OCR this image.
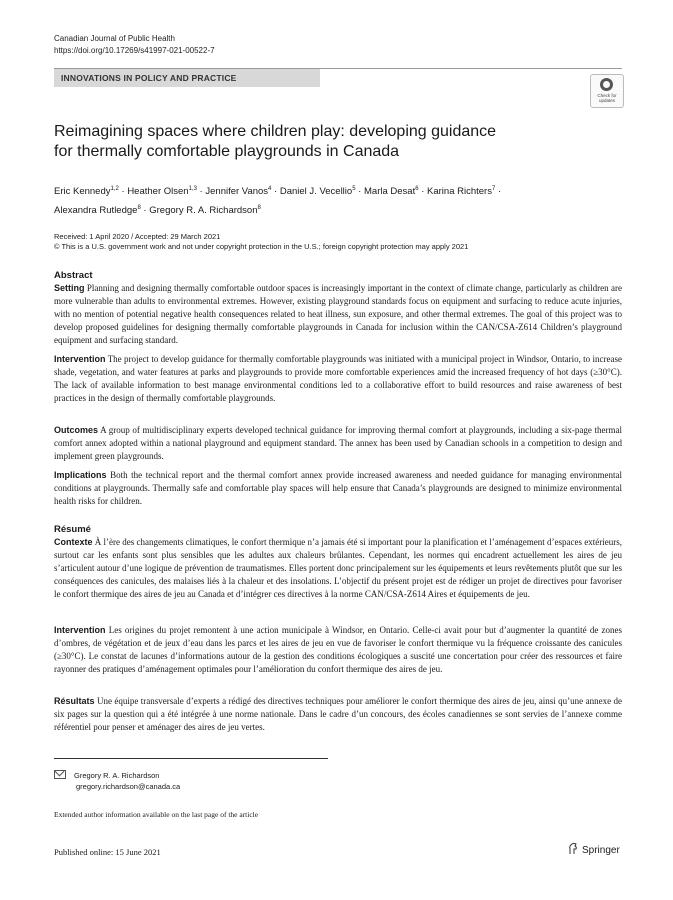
Canadian Journal of Public Health
https://doi.org/10.17269/s41997-021-00522-7
INNOVATIONS IN POLICY AND PRACTICE
Check for
updates
Reimagining spaces where children play: developing guidance
for thermally comfortable playgrounds in Canada
Eric Kennedy$^{1,2}$ · Heather Olsen$^{1,3}$ · Jennifer Vanos$^4$ · Daniel J. Vecellio$^5$ · Marla Desat$^6$ · Karina Richters$^7$ ·
Alexandra Rutledge$^8$ · Gregory R. A. Richardson$^8$
Received: 1 April 2020 / Accepted: 29 March 2021
© This is a U.S. government work and not under copyright protection in the U.S.; foreign copyright protection may apply 2021
Abstract

Setting Planning and designing thermally comfortable outdoor spaces is increasingly important in the context of climate change, particularly as children are more vulnerable than adults to environmental extremes. However, existing playground standards focus on equipment and surfacing to reduce acute injuries, with no mention of potential negative health consequences related to heat illness, sun exposure, and other thermal extremes. The goal of this project was to develop proposed guidelines for designing thermally comfortable playgrounds in Canada for inclusion within the CAN/CSA-Z614 Children’s playground equipment and surfacing standard.

Intervention The project to develop guidance for thermally comfortable playgrounds was initiated with a municipal project in Windsor, Ontario, to increase shade, vegetation, and water features at parks and playgrounds to provide more comfortable experiences amid the increased frequency of hot days (≥30°C). The lack of available information to best manage environmental conditions led to a collaborative effort to build resources and raise awareness of best practices in the design of thermally comfortable playgrounds.

Outcomes A group of multidisciplinary experts developed technical guidance for improving thermal comfort at playgrounds, including a six-page thermal comfort annex adopted within a national playground and equipment standard. The annex has been used by Canadian schools in a competition to design and implement green playgrounds.

Implications Both the technical report and the thermal comfort annex provide increased awareness and needed guidance for managing environmental conditions at playgrounds. Thermally safe and comfortable play spaces will help ensure that Canada’s playgrounds are designed to minimize environmental health risks for children.

Résumé

Contexte À l’ère des changements climatiques, le confort thermique n’a jamais été si important pour la planification et l’aménagement d’espaces extérieurs, surtout car les enfants sont plus sensibles que les adultes aux chaleurs brûlantes. Cependant, les normes qui encadrent actuellement les aires de jeu s’articulent autour d’une logique de prévention de traumatismes. Elles portent donc principalement sur les équipements et leurs revêtements plutôt que sur les conséquences des canicules, des malaises liés à la chaleur et des insolations. L’objectif du présent projet est de rédiger un projet de directives pour favoriser le confort thermique des aires de jeu au Canada et d’intégrer ces directives à la norme CAN/CSA-Z614 Aires et équipements de jeu.

Intervention Les origines du projet remontent à une action municipale à Windsor, en Ontario. Celle-ci avait pour but d’augmenter la quantité de zones d’ombres, de végétation et de jeux d’eau dans les parcs et les aires de jeu en vue de favoriser le confort thermique vu la fréquence croissante des canicules (≥30°C). Le constat de lacunes d’informations autour de la gestion des conditions écologiques a suscité une concertation pour créer des ressources et faire rayonner des pratiques d’aménagement optimales pour l’amélioration du confort thermique des aires de jeu.

Résultats Une équipe transversale d’experts a rédigé des directives techniques pour améliorer le confort thermique des aires de jeu, ainsi qu’une annexe de six pages sur la question qui a été intégrée à une norme nationale. Dans le cadre d’un concours, des écoles canadiennes se sont servies de l’annexe comme référentiel pour penser et aménager des aires de jeu vertes.

Gregory R. A. Richardson
gregory.richardson@canada.ca
Extended author information available on the last page of the article
Published online: 15 June 2021	Springer
